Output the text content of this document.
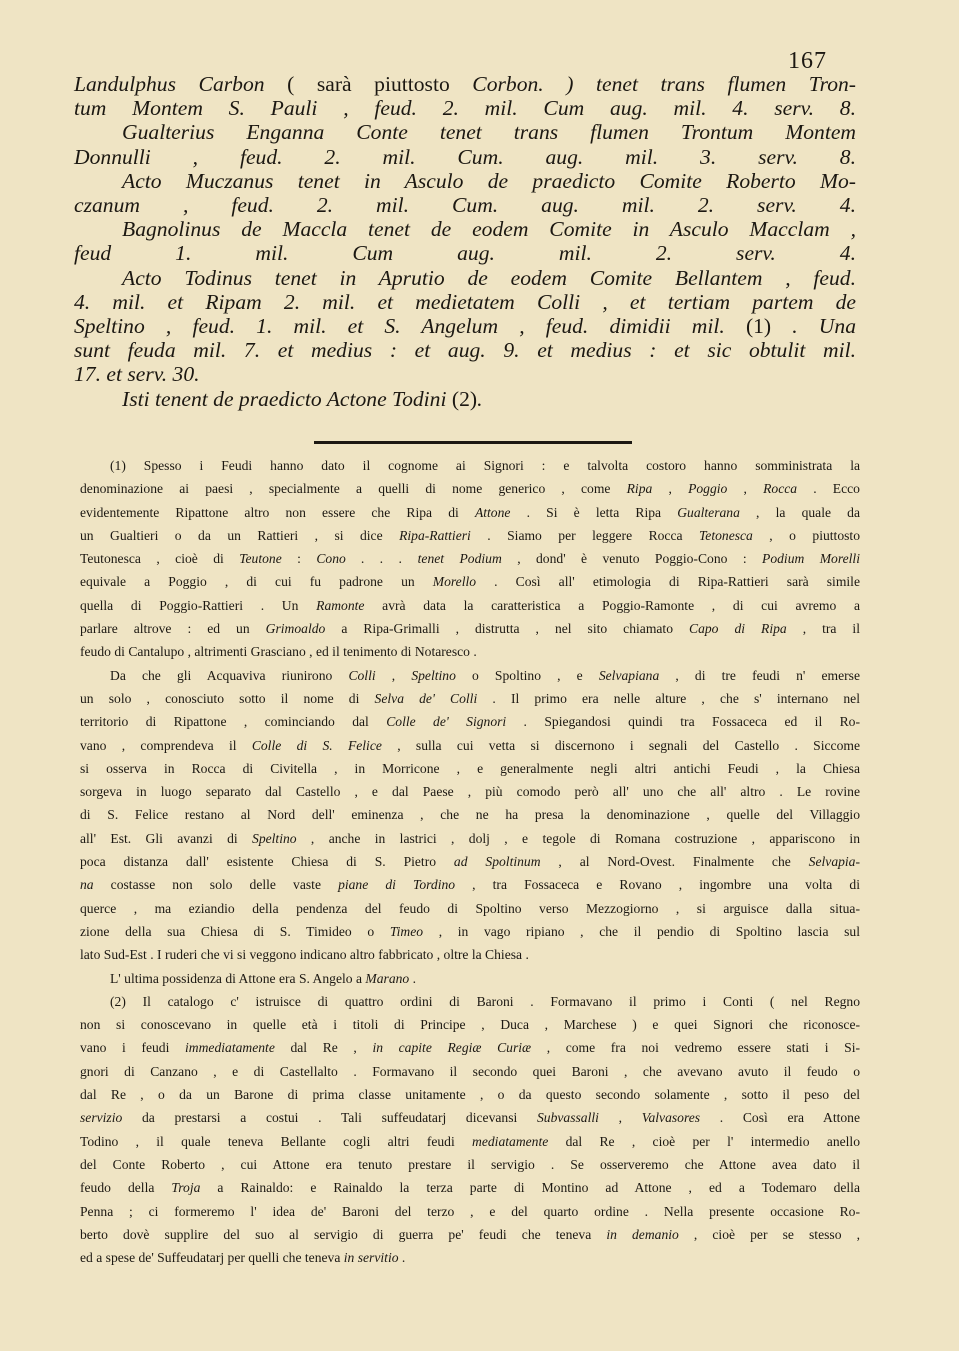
167

Landulphus Carbon ( sarà piuttosto Corbon. ) tenet trans flumen Tron-

tum Montem S. Pauli , feud. 2. mil. Cum aug. mil. 4. serv. 8.

Gualterius Enganna Conte tenet trans flumen Trontum Montem

Donnulli , feud. 2. mil. Cum. aug. mil. 3. serv. 8.

Acto Muczanus tenet in Asculo de praedicto Comite Roberto Mo-

czanum , feud. 2. mil. Cum. aug. mil. 2. serv. 4.

Bagnolinus de Maccla tenet de eodem Comite in Asculo Macclam ,

feud 1. mil. Cum aug. mil. 2. serv. 4.

Acto Todinus tenet in Aprutio de eodem Comite Bellantem , feud.

4. mil. et Ripam 2. mil. et medietatem Colli , et tertiam partem de

Speltino , feud. 1. mil. et S. Angelum , feud. dimidii mil. (1) . Una

sunt feuda mil. 7. et medius : et aug. 9. et medius : et sic obtulit mil.

17. et serv. 30.

Isti tenent de praedicto Actone Todini (2).

(1) Spesso i Feudi hanno dato il cognome ai Signori : e talvolta costoro hanno somministrata la

denominazione ai paesi , specialmente a quelli di nome generico , come Ripa , Poggio , Rocca . Ecco

evidentemente Ripattone altro non essere che Ripa di Attone . Si è letta Ripa Gualterana , la quale da

un Gualtieri o da un Rattieri , si dice Ripa-Rattieri . Siamo per leggere Rocca Tetonesca , o piuttosto

Teutonesca , cioè di Teutone : Cono . . . tenet Podium , dond' è venuto Poggio-Cono : Podium Morelli

equivale a Poggio , di cui fu padrone un Morello . Così all' etimologia di Ripa-Rattieri sarà simile

quella di Poggio-Rattieri . Un Ramonte avrà data la caratteristica a Poggio-Ramonte , di cui avremo a

parlare altrove : ed un Grimoaldo a Ripa-Grimalli , distrutta , nel sito chiamato Capo di Ripa , tra il

feudo di Cantalupo , altrimenti Grasciano , ed il tenimento di Notaresco .

Da che gli Acquaviva riunirono Colli , Speltino o Spoltino , e Selvapiana , di tre feudi n' emerse

un solo , conosciuto sotto il nome di Selva de' Colli . Il primo era nelle alture , che s' internano nel

territorio di Ripattone , cominciando dal Colle de' Signori . Spiegandosi quindi tra Fossaceca ed il Ro-

vano , comprendeva il Colle di S. Felice , sulla cui vetta si discernono i segnali del Castello . Siccome

si osserva in Rocca di Civitella , in Morricone , e generalmente negli altri antichi Feudi , la Chiesa

sorgeva in luogo separato dal Castello , e dal Paese , più comodo però all' uno che all' altro . Le rovine

di S. Felice restano al Nord dell' eminenza , che ne ha presa la denominazione , quelle del Villaggio

all' Est. Gli avanzi di Speltino , anche in lastrici , dolj , e tegole di Romana costruzione , appariscono in

poca distanza dall' esistente Chiesa di S. Pietro ad Spoltinum , al Nord-Ovest. Finalmente che Selvapia-

na costasse non solo delle vaste piane di Tordino , tra Fossaceca e Rovano , ingombre una volta di

querce , ma eziandio della pendenza del feudo di Spoltino verso Mezzogiorno , si arguisce dalla situa-

zione della sua Chiesa di S. Timideo o Timeo , in vago ripiano , che il pendio di Spoltino lascia sul

lato Sud-Est . I ruderi che vi si veggono indicano altro fabbricato , oltre la Chiesa .

L' ultima possidenza di Attone era S. Angelo a Marano .

(2) Il catalogo c' istruisce di quattro ordini di Baroni . Formavano il primo i Conti ( nel Regno

non si conoscevano in quelle età i titoli di Principe , Duca , Marchese ) e quei Signori che riconosce-

vano i feudi immediatamente dal Re , in capite Regiæ Curiæ , come fra noi vedremo essere stati i Si-

gnori di Canzano , e di Castellalto . Formavano il secondo quei Baroni , che avevano avuto il feudo o

dal Re , o da un Barone di prima classe unitamente , o da questo secondo solamente , sotto il peso del

servizio da prestarsi a costui . Tali suffeudatarj dicevansi Subvassalli , Valvasores . Così era Attone

Todino , il quale teneva Bellante cogli altri feudi mediatamente dal Re , cioè per l' intermedio anello

del Conte Roberto , cui Attone era tenuto prestare il servigio . Se osserveremo che Attone avea dato il

feudo della Troja a Rainaldo: e Rainaldo la terza parte di Montino ad Attone , ed a Todemaro della

Penna ; ci formeremo l' idea de' Baroni del terzo , e del quarto ordine . Nella presente occasione Ro-

berto dovè supplire del suo al servigio di guerra pe' feudi che teneva in demanio , cioè per se stesso ,

ed a spese de' Suffeudatarj per quelli che teneva in servitio .
